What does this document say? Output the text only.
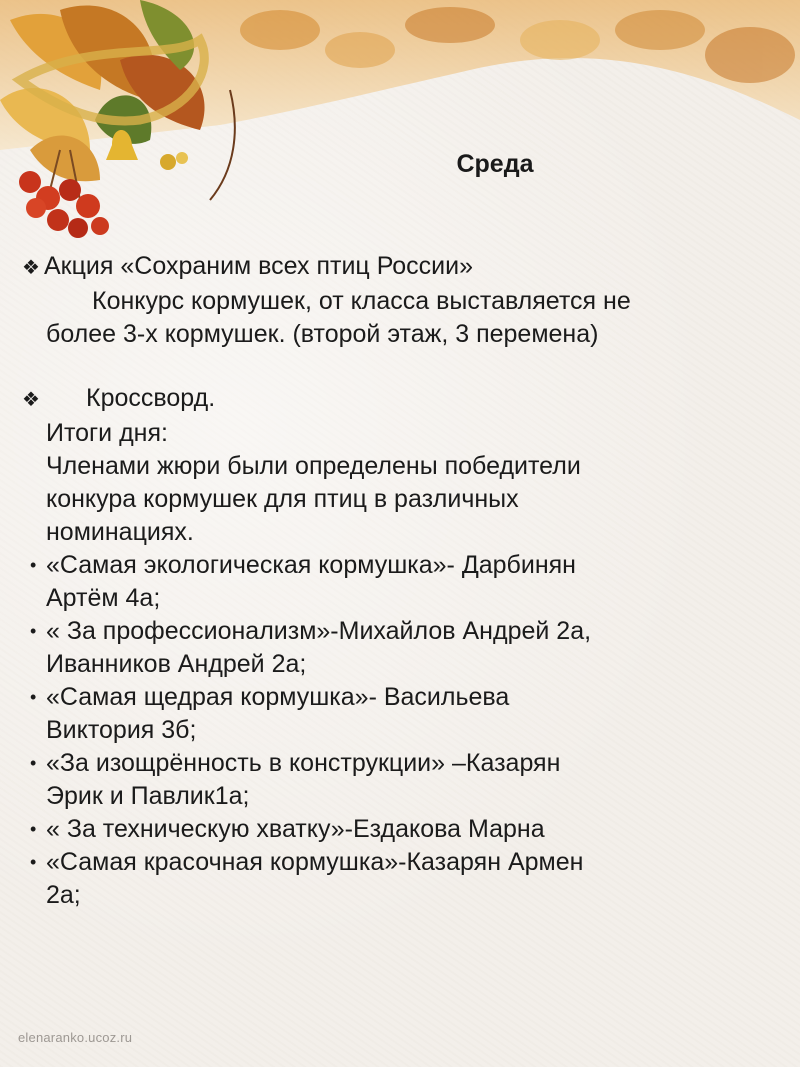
Среда
❖ Акция «Сохраним всех птиц России»
Конкурс кормушек, от класса выставляется не
более 3-х кормушек. (второй этаж, 3 перемена)
❖ Кроссворд.
Итоги дня:
Членами жюри были определены победители
конкура кормушек для птиц в различных
номинациях.
• «Самая экологическая кормушка»- Дарбинян
Артём 4а;
• « За профессионализм»-Михайлов Андрей 2а,
Иванников Андрей 2а;
• «Самая щедрая кормушка»- Васильева
Виктория 3б;
• «За изощрённость в конструкции» –Казарян
Эрик и Павлик1а;
• « За техническую хватку»-Ездакова Марна
• «Самая красочная кормушка»-Казарян Армен
2а;
elenaranko.ucoz.ru
